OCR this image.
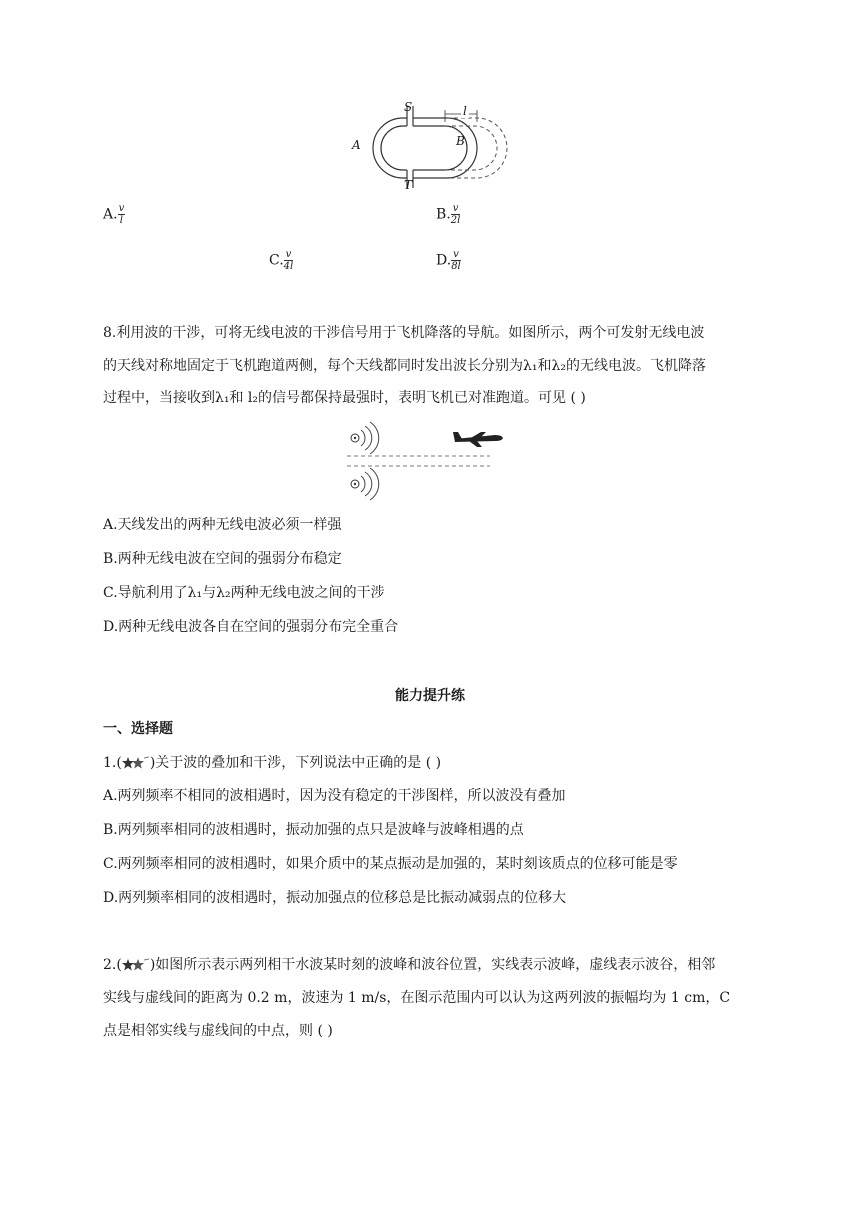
S
T
A	B
l
A. $\frac{v}{l}$	B. $\frac{v}{2l}$
C. $\frac{v}{4l}$	D. $\frac{v}{8l}$
8.利用波的干涉，可将无线电波的干涉信号用于飞机降落的导航。如图所示，两个可发射无线电波
的天线对称地固定于飞机跑道两侧，每个天线都同时发出波长分别为λ₁和λ₂的无线电波。飞机降落
过程中，当接收到λ₁和 l₂的信号都保持最强时，表明飞机已对准跑道。可见 ( )
A.天线发出的两种无线电波必须一样强
B.两种无线电波在空间的强弱分布稳定
C.导航利用了λ₁与λ₂两种无线电波之间的干涉
D.两种无线电波各自在空间的强弱分布完全重合
能力提升练
一、选择题
1.( )关于波的叠加和干涉，下列说法中正确的是 ( )
A.两列频率不相同的波相遇时，因为没有稳定的干涉图样，所以波没有叠加
B.两列频率相同的波相遇时，振动加强的点只是波峰与波峰相遇的点
C.两列频率相同的波相遇时，如果介质中的某点振动是加强的，某时刻该质点的位移可能是零
D.两列频率相同的波相遇时，振动加强点的位移总是比振动减弱点的位移大
2.( )如图所示表示两列相干水波某时刻的波峰和波谷位置，实线表示波峰，虚线表示波谷，相邻
实线与虚线间的距离为 0.2 m，波速为 1 m/s，在图示范围内可以认为这两列波的振幅均为 1 cm，C
点是相邻实线与虚线间的中点，则 ( )
